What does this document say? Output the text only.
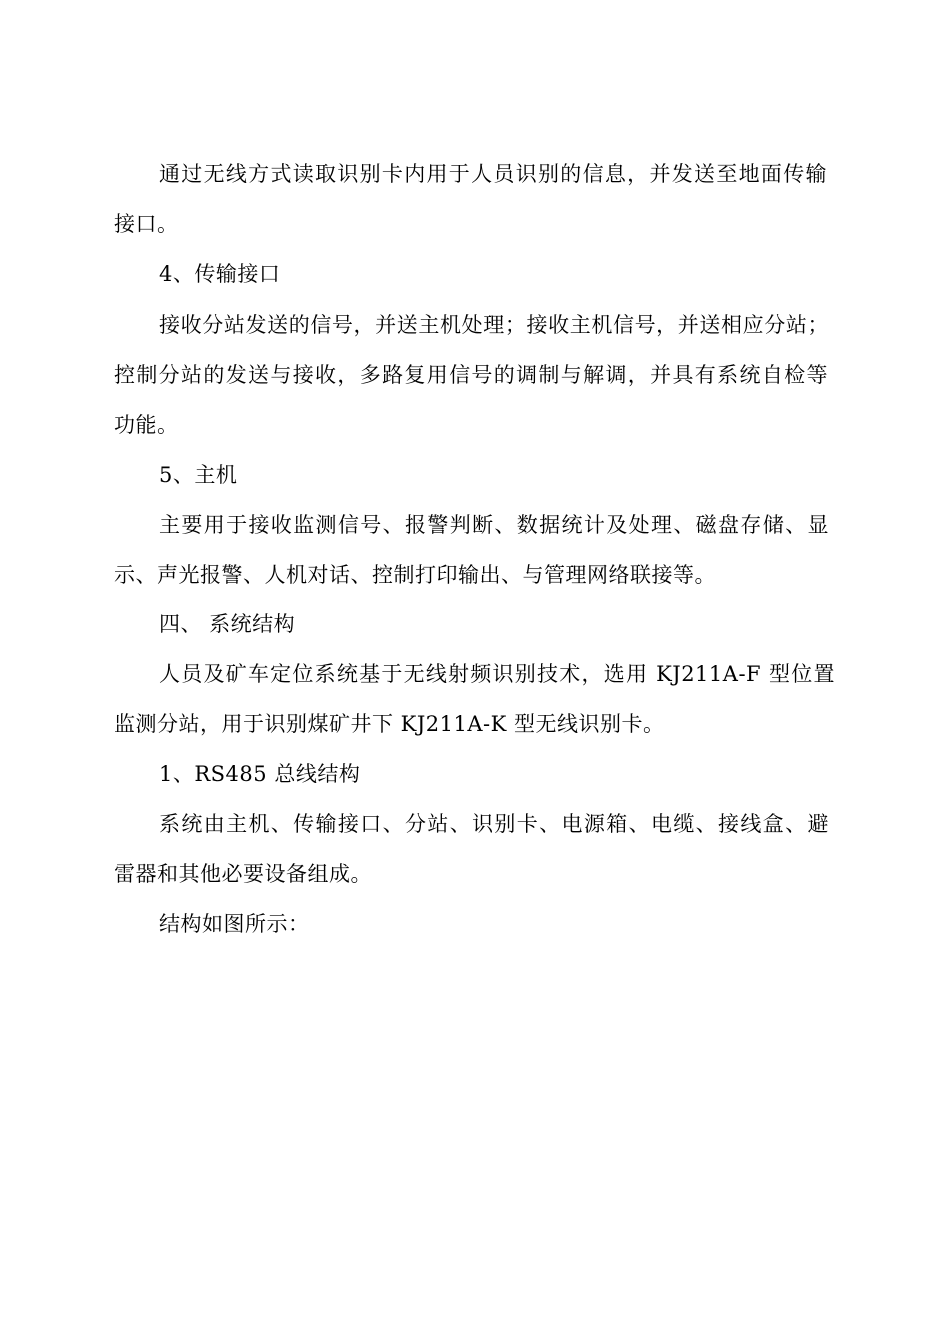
通过无线方式读取识别卡内用于人员识别的信息，并发送至地面传输
接口。
4、传输接口
接收分站发送的信号，并送主机处理；接收主机信号，并送相应分站；
控制分站的发送与接收，多路复用信号的调制与解调，并具有系统自检等
功能。
5、主机
主要用于接收监测信号、报警判断、数据统计及处理、磁盘存储、显
示、声光报警、人机对话、控制打印输出、与管理网络联接等。
四、 系统结构
人员及矿车定位系统基于无线射频识别技术，选用 KJ211A-F 型位置
监测分站，用于识别煤矿井下 KJ211A-K 型无线识别卡。
1、RS485 总线结构
系统由主机、传输接口、分站、识别卡、电源箱、电缆、接线盒、避
雷器和其他必要设备组成。
结构如图所示：
